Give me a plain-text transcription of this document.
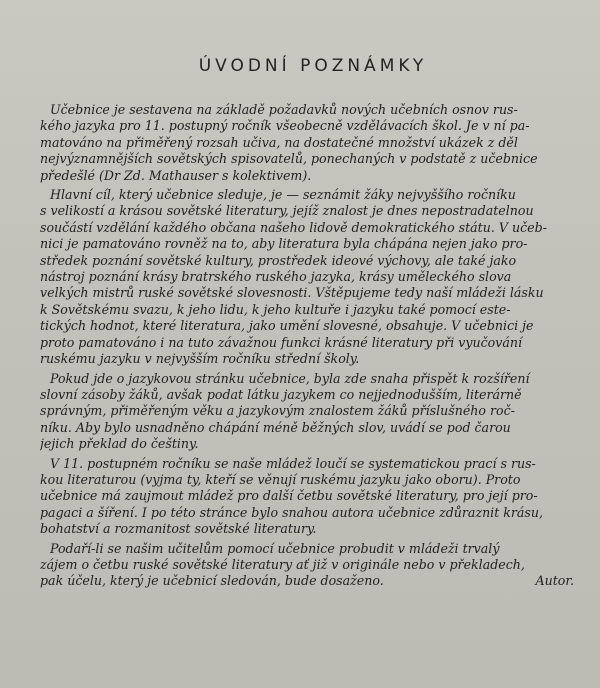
ÚVODNÍ POZNÁMKY

Učebnice je sestavena na základě požadavků nových učebních osnov rus-
kého jazyka pro 11. postupný ročník všeobecně vzdělávacích škol. Je v ní pa-
matováno na přiměřený rozsah učiva, na dostatečné množství ukázek z děl
nejvýznamnějších sovětských spisovatelů, ponechaných v podstatě z učebnice
předešlé (Dr Zd. Mathauser s kolektivem).

Hlavní cíl, který učebnice sleduje, je — seznámit žáky nejvyššího ročníku
s velikostí a krásou sovětské literatury, jejíž znalost je dnes nepostradatelnou
součástí vzdělání každého občana našeho lidově demokratického státu. V učeb-
nici je pamatováno rovněž na to, aby literatura byla chápána nejen jako pro-
středek poznání sovětské kultury, prostředek ideové výchovy, ale také jako
nástroj poznání krásy bratrského ruského jazyka, krásy uměleckého slova
velkých mistrů ruské sovětské slovesnosti. Vštěpujeme tedy naší mládeži lásku
k Sovětskému svazu, k jeho lidu, k jeho kultuře i jazyku také pomocí este-
tických hodnot, které literatura, jako umění slovesné, obsahuje. V učebnici je
proto pamatováno i na tuto závažnou funkci krásné literatury při vyučování
ruskému jazyku v nejvyšším ročníku střední školy.

Pokud jde o jazykovou stránku učebnice, byla zde snaha přispět k rozšíření
slovní zásoby žáků, avšak podat látku jazykem co nejjednodušším, literárně
správným, přiměřeným věku a jazykovým znalostem žáků příslušného roč-
níku. Aby bylo usnadněno chápání méně běžných slov, uvádí se pod čarou
jejich překlad do češtiny.

V 11. postupném ročníku se naše mládež loučí se systematickou prací s rus-
kou literaturou (vyjma ty, kteří se věnují ruskému jazyku jako oboru). Proto
učebnice má zaujmout mládež pro další četbu sovětské literatury, pro její pro-
pagaci a šíření. I po této stránce bylo snahou autora učebnice zdůraznit krásu,
bohatství a rozmanitost sovětské literatury.

Podaří-li se našim učitelům pomocí učebnice probudit v mládeži trvalý
zájem o četbu ruské sovětské literatury ať již v originále nebo v překladech,
pak účelu, který je učebnicí sledován, bude dosaženo.	Autor.
